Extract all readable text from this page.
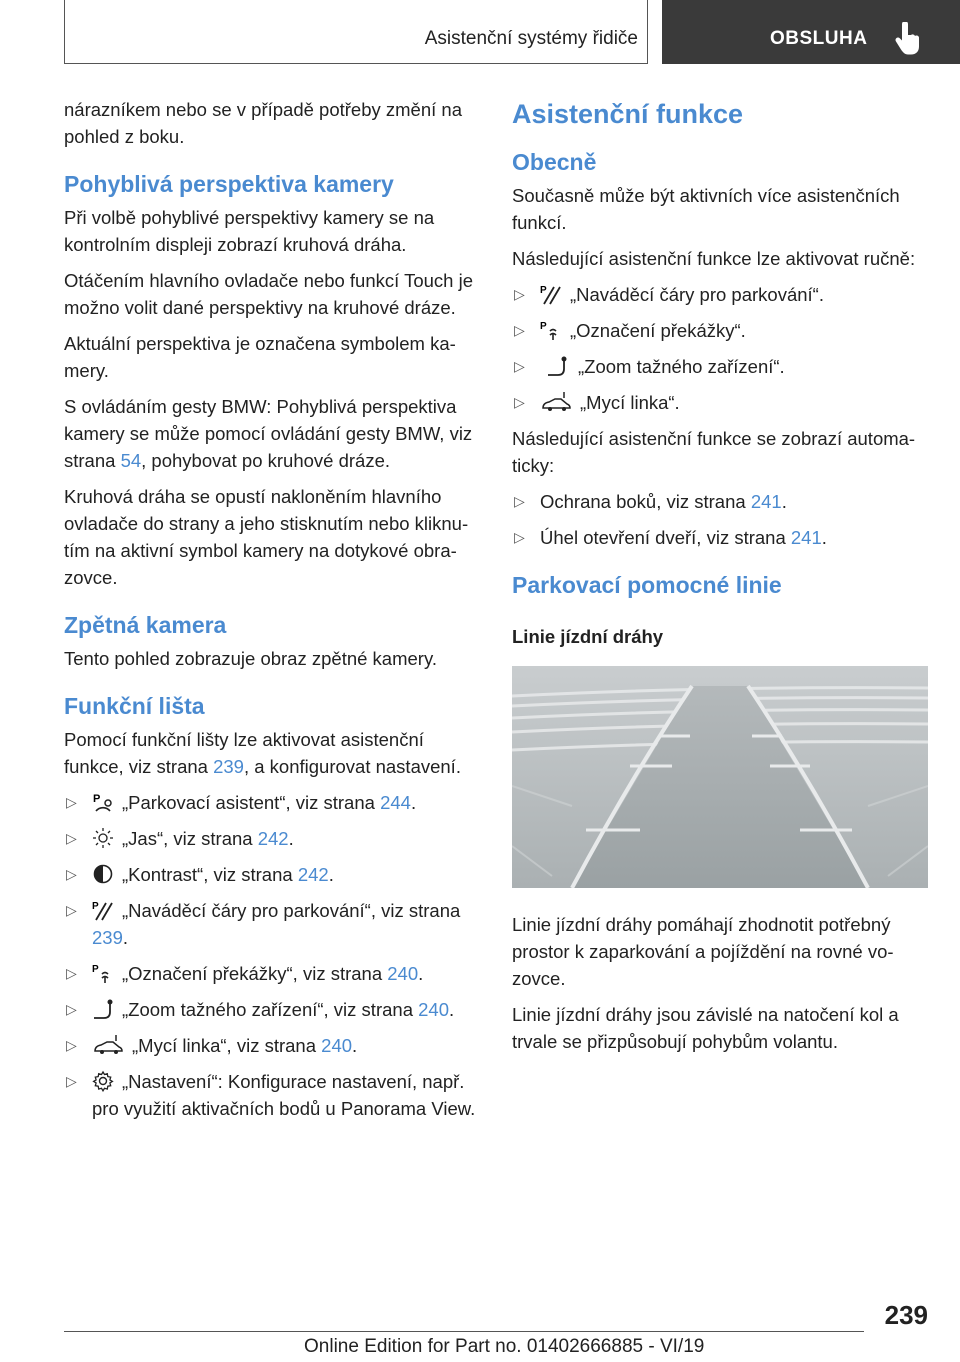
Asistenční systémy řidiče	OBSLUHA

nárazníkem nebo se v případě potřeby změní na pohled z boku.

Pohyblivá perspektiva kamery

Při volbě pohyblivé perspektivy kamery se na kontrolním displeji zobrazí kruhová dráha.

Otáčením hlavního ovladače nebo funkcí Touch je možno volit dané perspektivy na kruhové dráze.

Aktuální perspektiva je označena symbolem ka‐mery.

S ovládáním gesty BMW: Pohyblivá perspektiva kamery se může pomocí ovládání gesty BMW, viz strana 54, pohybovat po kruhové dráze.

Kruhová dráha se opustí nakloněním hlavního ovladače do strany a jeho stisknutím nebo kliknu‐tím na aktivní symbol kamery na dotykové obra‐zovce.

Zpětná kamera

Tento pohled zobrazuje obraz zpětné kamery.

Funkční lišta

Pomocí funkční lišty lze aktivovat asistenční funkce, viz strana 239, a konfigurovat nastavení.

▷ P „Parkovací asistent“, viz strana 244.
▷ „Jas“, viz strana 242.
▷ „Kontrast“, viz strana 242.
▷ P „Naváděcí čáry pro parkování“, viz strana 239.
▷ P „Označení překážky“, viz strana 240.
▷ „Zoom tažného zařízení“, viz strana 240.
▷	„Mycí linka“, viz strana 240.
▷ „Nastavení“: Konfigurace nastavení, např. pro využití aktivačních bodů u Panorama View.
Asistenční funkce
Obecně

Současně může být aktivních více asistenčních funkcí.

Následující asistenční funkce lze aktivovat ručně:

▷ P „Naváděcí čáry pro parkování“.
▷ P „Označení překážky“.
▷	„Zoom tažného zařízení“.
▷	„Mycí linka“.

Následující asistenční funkce se zobrazí automa‐ticky:

▷ Ochrana boků, viz strana 241.
▷ Úhel otevření dveří, viz strana 241.
Parkovací pomocné linie
Linie jízdní dráhy

Linie jízdní dráhy pomáhají zhodnotit potřebný prostor k zaparkování a pojíždění na rovné vo‐zovce.

Linie jízdní dráhy jsou závislé na natočení kol a trvale se přizpůsobují pohybům volantu.

239
Online Edition for Part no. 01402666885 - VI/19
